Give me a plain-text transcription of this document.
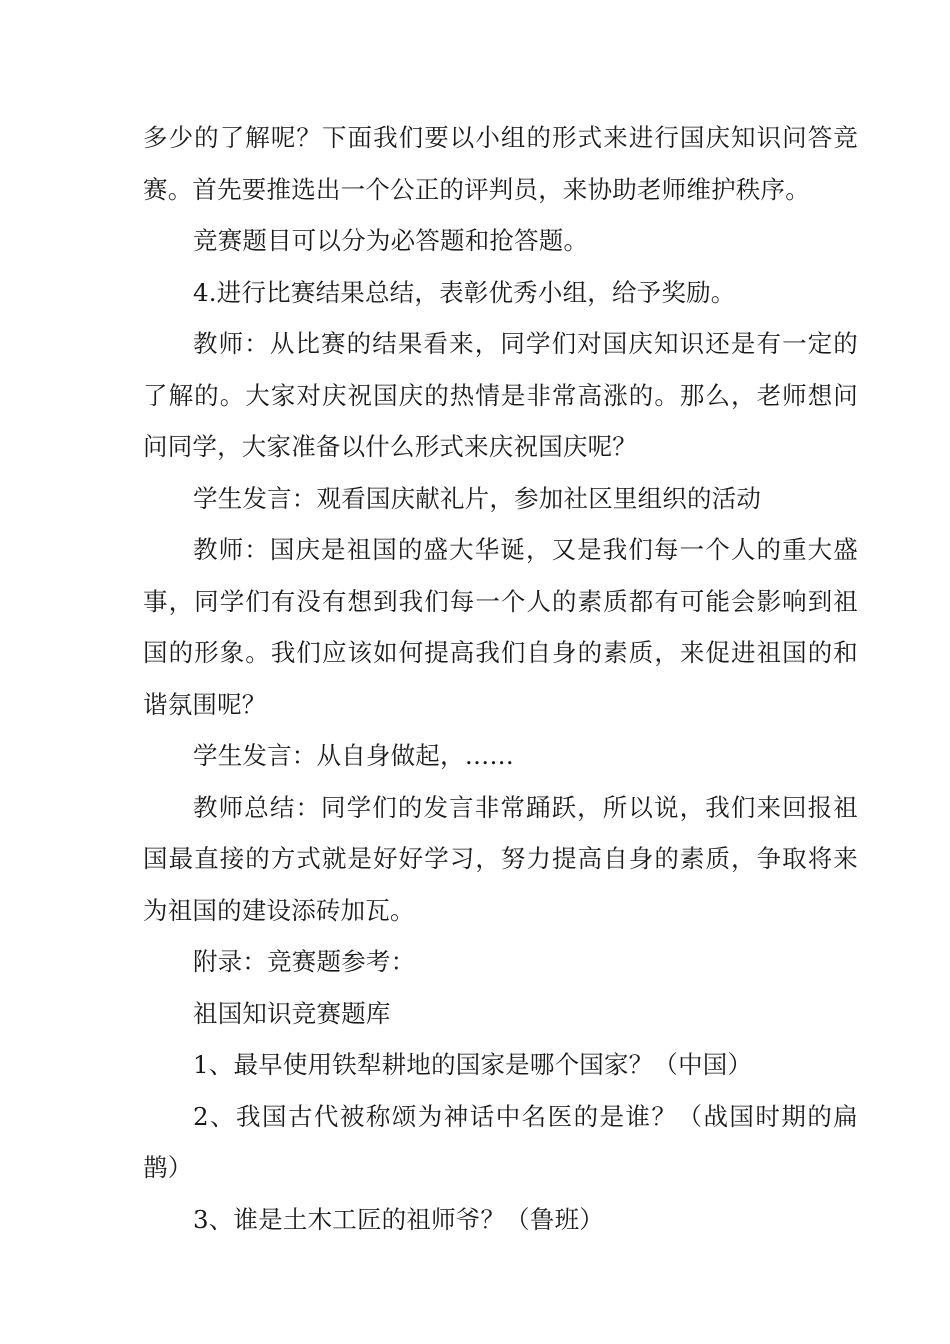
多少的了解呢？下面我们要以小组的形式来进行国庆知识问答竞赛。首先要推选出一个公正的评判员，来协助老师维护秩序。

竞赛题目可以分为必答题和抢答题。

4.进行比赛结果总结，表彰优秀小组，给予奖励。

教师：从比赛的结果看来，同学们对国庆知识还是有一定的了解的。大家对庆祝国庆的热情是非常高涨的。那么，老师想问问同学，大家准备以什么形式来庆祝国庆呢？

学生发言：观看国庆献礼片，参加社区里组织的活动

教师：国庆是祖国的盛大华诞，又是我们每一个人的重大盛事，同学们有没有想到我们每一个人的素质都有可能会影响到祖国的形象。我们应该如何提高我们自身的素质，来促进祖国的和谐氛围呢？

学生发言：从自身做起，……

教师总结：同学们的发言非常踊跃，所以说，我们来回报祖国最直接的方式就是好好学习，努力提高自身的素质，争取将来为祖国的建设添砖加瓦。

附录：竞赛题参考：

祖国知识竞赛题库

1、最早使用铁犁耕地的国家是哪个国家？（中国）

2、我国古代被称颂为神话中名医的是谁？（战国时期的扁鹊）

3、谁是土木工匠的祖师爷？（鲁班）
